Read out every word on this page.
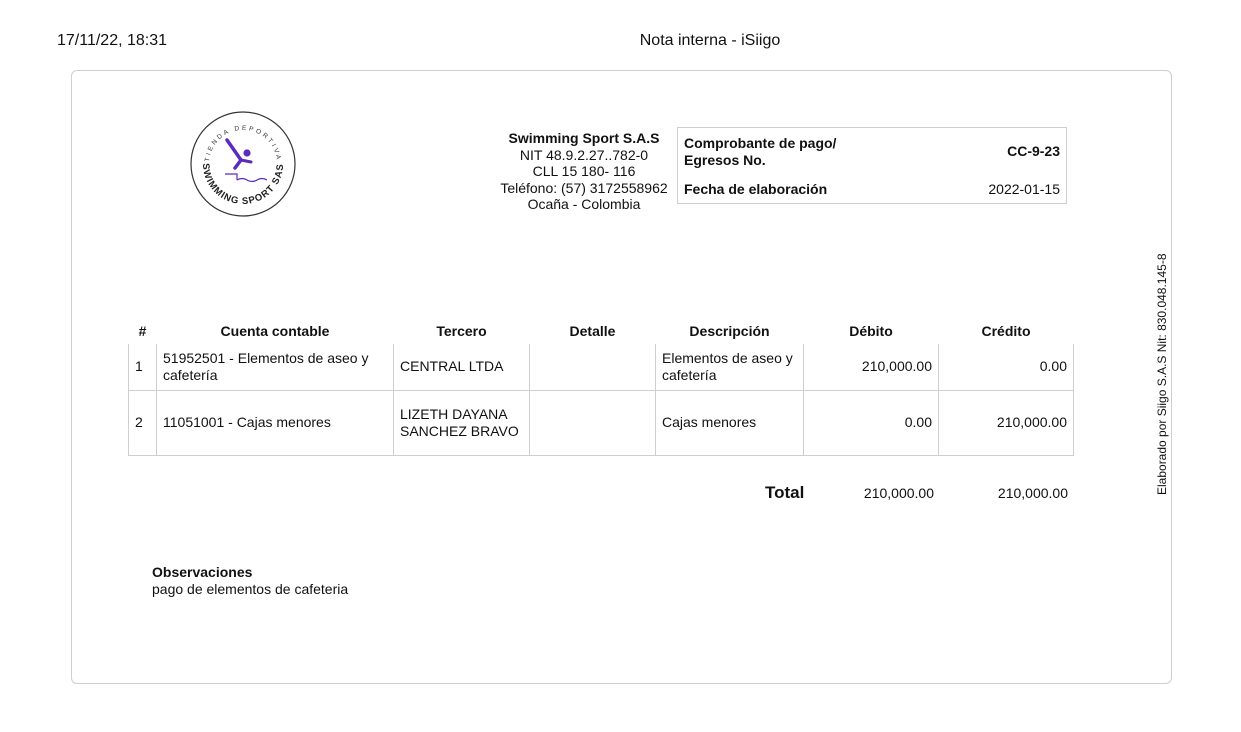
17/11/22, 18:31	Nota interna - iSiigo
TIENDA DEPORTIVA
SWIMMING SPORT SAS
Swimming Sport S.A.S
NIT 48.9.2.27..782-0
CLL 15 180- 116
Teléfono: (57) 3172558962
Ocaña - Colombia
Comprobante de pago/ Egresos No.
CC-9-23
Fecha de elaboración	2022-01-15
Elaborado por Siigo S.A.S Nit: 830.048.145-8
#	Cuenta contable	Tercero	Detalle	Descripción	Débito	Crédito
1	51952501 - Elementos de aseo y cafetería	CENTRAL LTDA		Elementos de aseo y cafetería	210,000.00	0.00
2	11051001 - Cajas menores	LIZETH DAYANA SANCHEZ BRAVO		Cajas menores	0.00	210,000.00
Total	210,000.00	210,000.00
Observaciones
pago de elementos de cafeteria
